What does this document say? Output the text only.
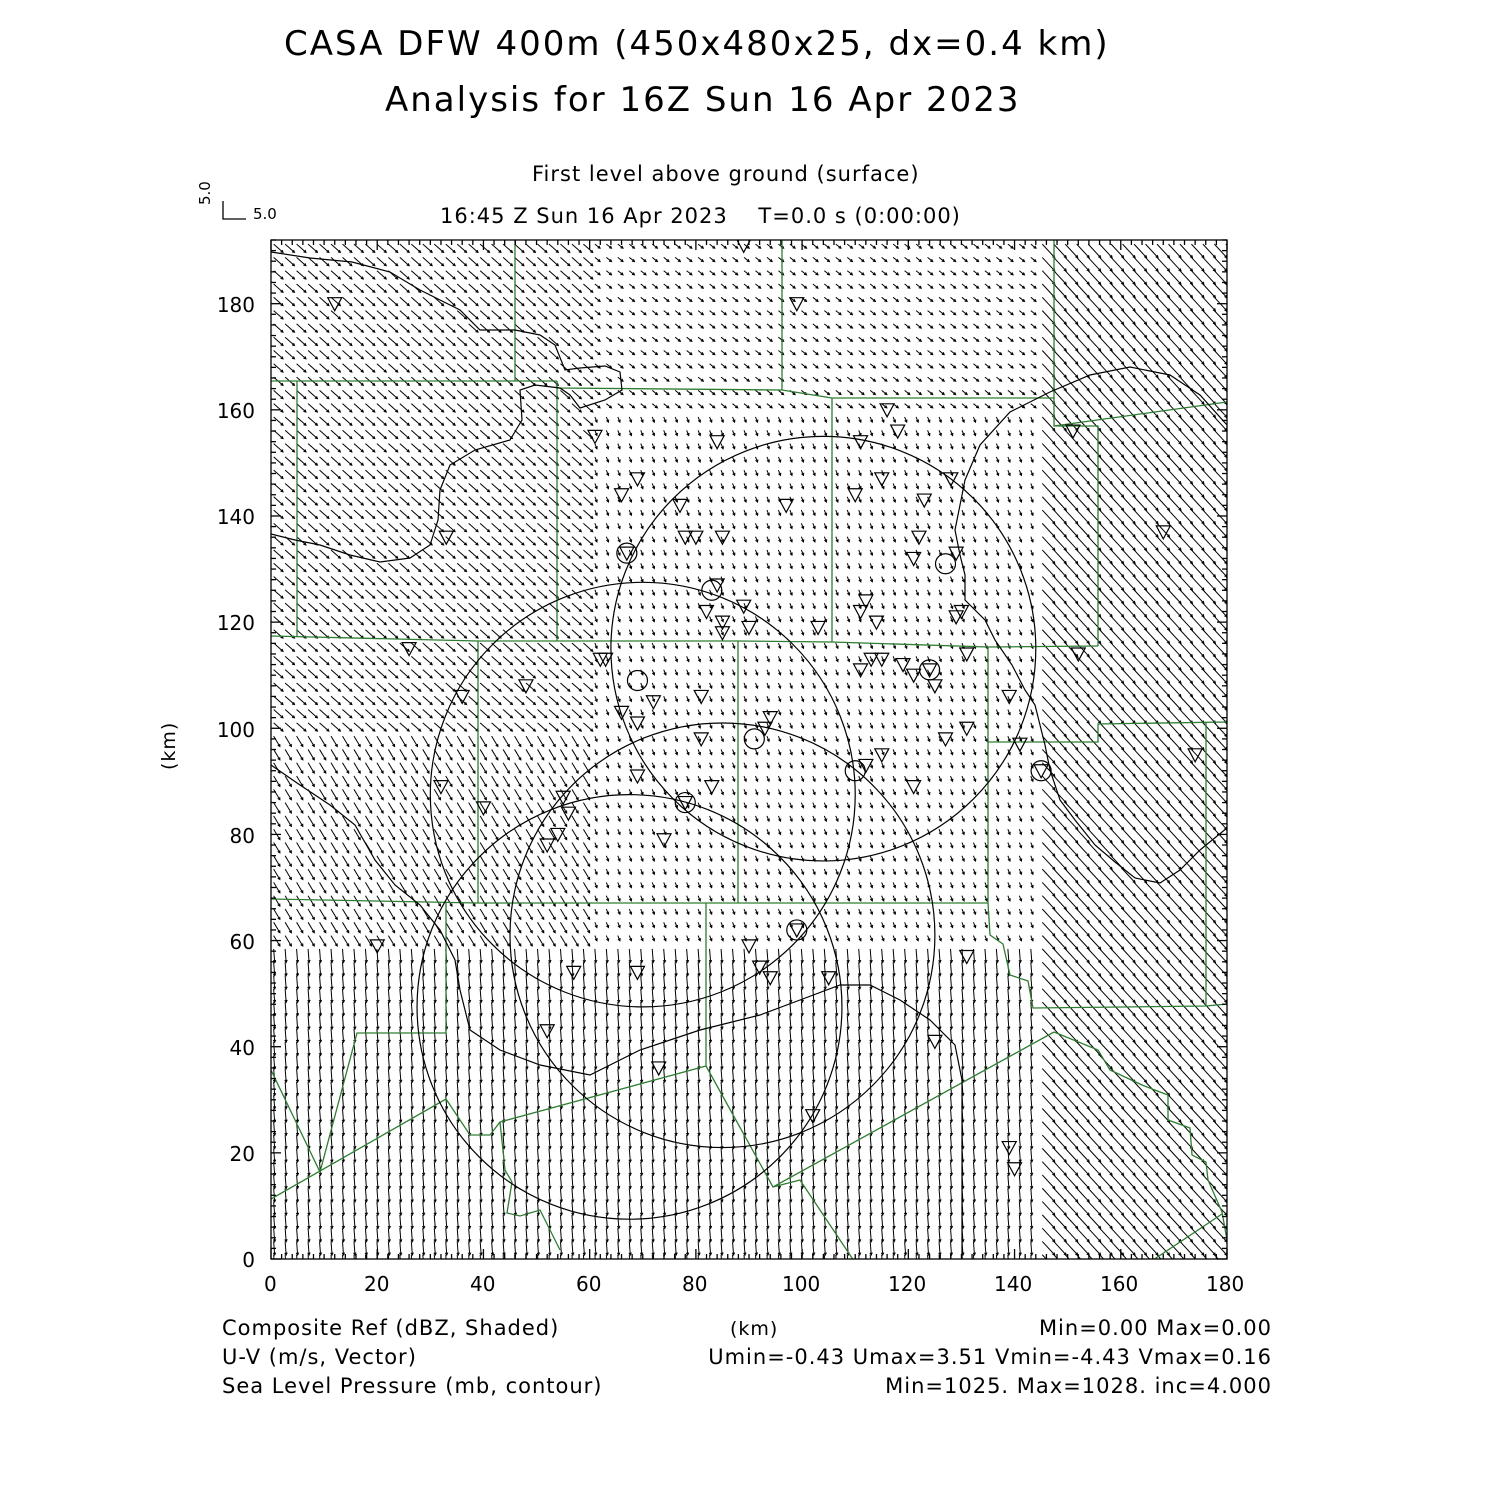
CASA DFW 400m (450x480x25, dx=0.4 km)
Analysis for 16Z Sun 16 Apr 2023
First level above ground (surface)
16:45 Z Sun 16 Apr 2023    T=0.0 s (0:00:00)
5.0
5.0
(km)
0
20
40
60
80
100
120
140
160
180
0	20	40	60	80	100	120	140	160	180
Composite Ref (dBZ, Shaded)	(km)	Min=0.00 Max=0.00
U-V (m/s, Vector)	Umin=-0.43 Umax=3.51 Vmin=-4.43 Vmax=0.16
Sea Level Pressure (mb, contour)	Min=1025. Max=1028. inc=4.000
